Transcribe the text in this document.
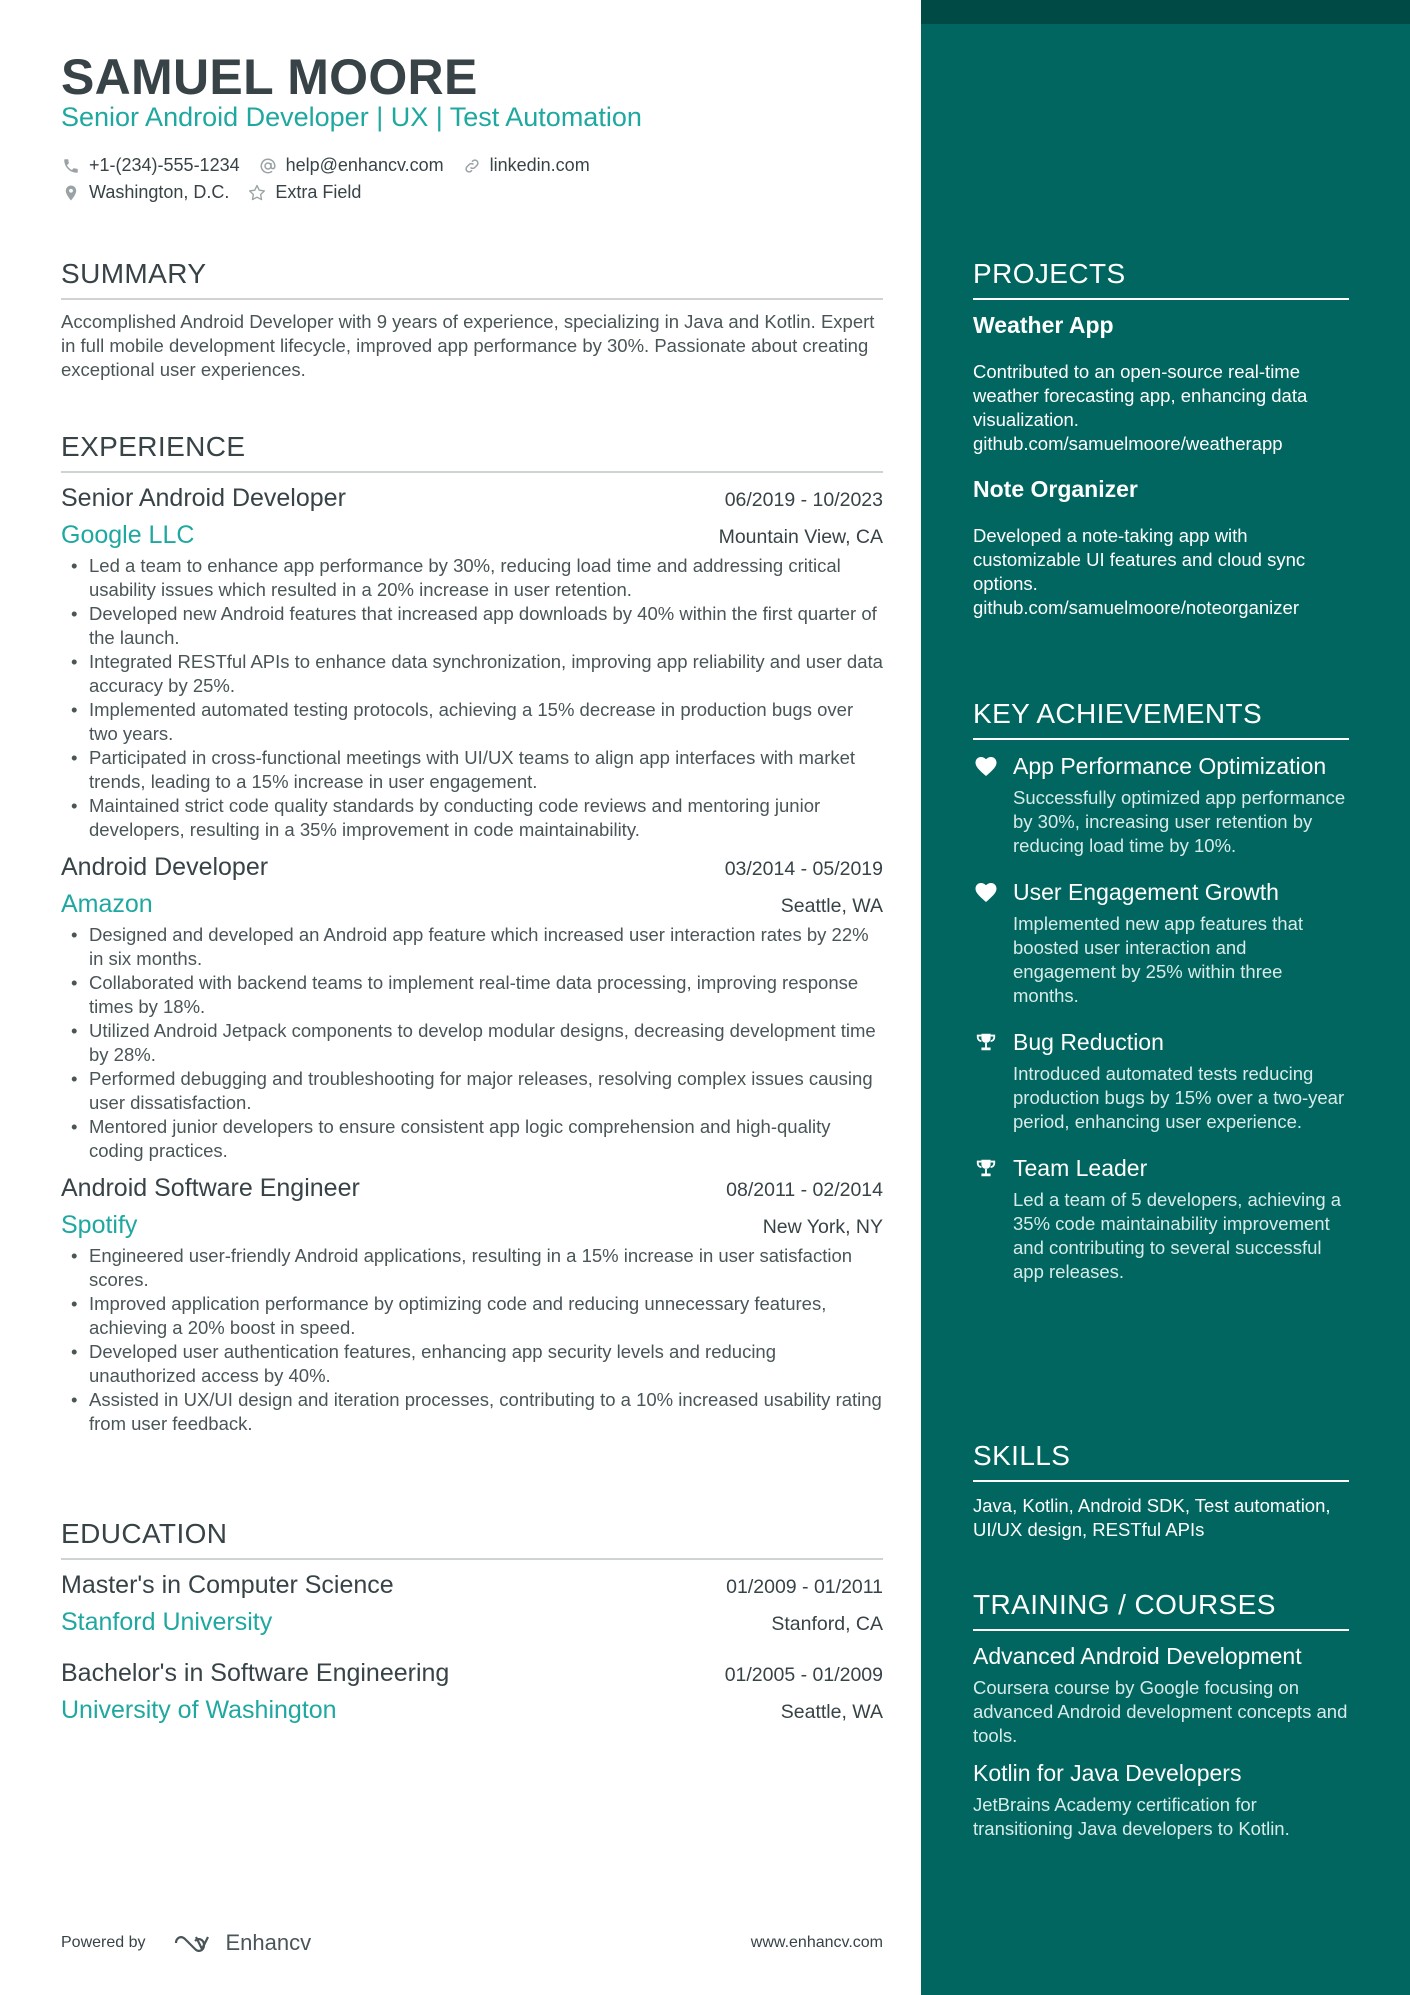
SAMUEL MOORE
Senior Android Developer | UX | Test Automation
+1-(234)-555-1234	help@enhancv.com	linkedin.com
Washington, D.C.	Extra Field
SUMMARY
Accomplished Android Developer with 9 years of experience, specializing in Java and Kotlin. Expert in full mobile development lifecycle, improved app performance by 30%. Passionate about creating exceptional user experiences.
EXPERIENCE
Senior Android Developer	06/2019 - 10/2023
Google LLC	Mountain View, CA
• Led a team to enhance app performance by 30%, reducing load time and addressing critical usability issues which resulted in a 20% increase in user retention.
• Developed new Android features that increased app downloads by 40% within the first quarter of the launch.
• Integrated RESTful APIs to enhance data synchronization, improving app reliability and user data accuracy by 25%.
• Implemented automated testing protocols, achieving a 15% decrease in production bugs over two years.
• Participated in cross-functional meetings with UI/UX teams to align app interfaces with market trends, leading to a 15% increase in user engagement.
• Maintained strict code quality standards by conducting code reviews and mentoring junior developers, resulting in a 35% improvement in code maintainability.
Android Developer	03/2014 - 05/2019
Amazon	Seattle, WA
• Designed and developed an Android app feature which increased user interaction rates by 22% in six months.
• Collaborated with backend teams to implement real-time data processing, improving response times by 18%.
• Utilized Android Jetpack components to develop modular designs, decreasing development time by 28%.
• Performed debugging and troubleshooting for major releases, resolving complex issues causing user dissatisfaction.
• Mentored junior developers to ensure consistent app logic comprehension and high-quality coding practices.
Android Software Engineer	08/2011 - 02/2014
Spotify	New York, NY
• Engineered user-friendly Android applications, resulting in a 15% increase in user satisfaction scores.
• Improved application performance by optimizing code and reducing unnecessary features, achieving a 20% boost in speed.
• Developed user authentication features, enhancing app security levels and reducing unauthorized access by 40%.
• Assisted in UX/UI design and iteration processes, contributing to a 10% increased usability rating from user feedback.
EDUCATION
Master's in Computer Science	01/2009 - 01/2011
Stanford University	Stanford, CA
Bachelor's in Software Engineering	01/2005 - 01/2009
University of Washington	Seattle, WA
Powered by	Enhancv	www.enhancv.com
PROJECTS
Weather App
Contributed to an open-source real-time weather forecasting app, enhancing data visualization. github.com/samuelmoore/weatherapp
Note Organizer
Developed a note-taking app with customizable UI features and cloud sync options. github.com/samuelmoore/noteorganizer
KEY ACHIEVEMENTS
App Performance Optimization
Successfully optimized app performance by 30%, increasing user retention by reducing load time by 10%.
User Engagement Growth
Implemented new app features that boosted user interaction and engagement by 25% within three months.
Bug Reduction
Introduced automated tests reducing production bugs by 15% over a two-year period, enhancing user experience.
Team Leader
Led a team of 5 developers, achieving a 35% code maintainability improvement and contributing to several successful app releases.
SKILLS
Java, Kotlin, Android SDK, Test automation, UI/UX design, RESTful APIs
TRAINING / COURSES
Advanced Android Development
Coursera course by Google focusing on advanced Android development concepts and tools.
Kotlin for Java Developers
JetBrains Academy certification for transitioning Java developers to Kotlin.
